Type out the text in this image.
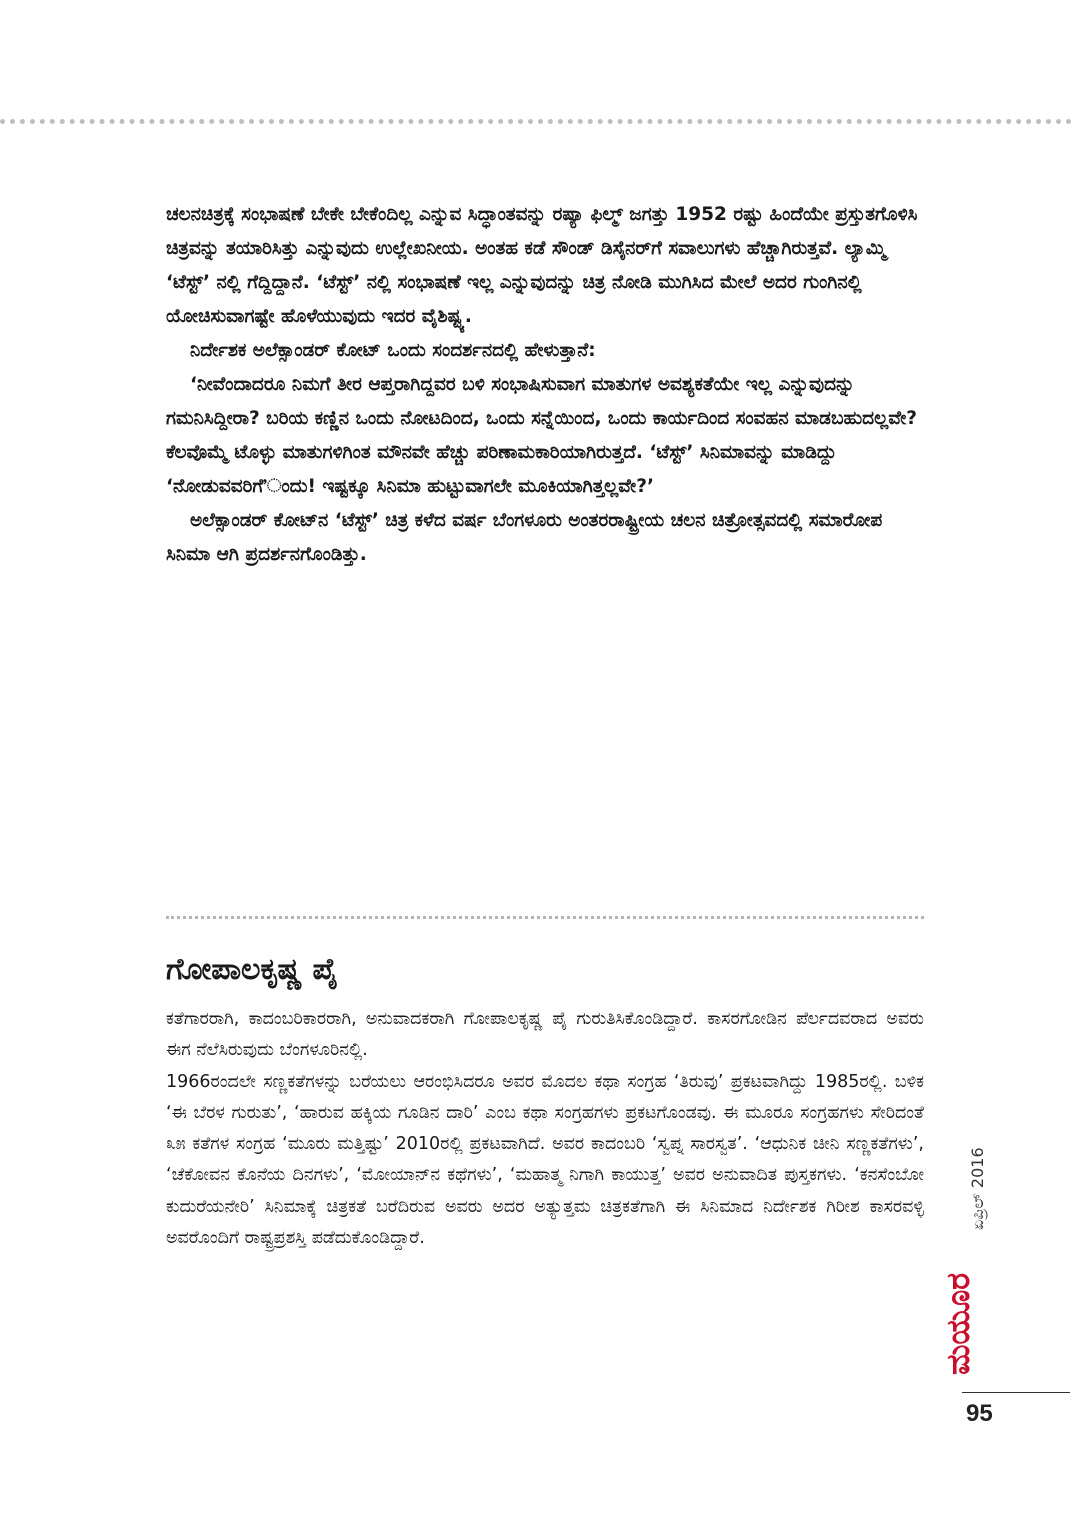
ಚಲನಚಿತ್ರಕ್ಕೆ ಸಂಭಾಷಣೆ ಬೇಕೇ ಬೇಕೆಂದಿಲ್ಲ ಎನ್ನುವ ಸಿದ್ಧಾಂತವನ್ನು ರಷ್ಯಾ ಫಿಲ್ಮ್ ಜಗತ್ತು 1952 ರಷ್ಟು ಹಿಂದೆಯೇ ಪ್ರಸ್ತುತಗೊಳಿಸಿ ಚಿತ್ರವನ್ನು ತಯಾರಿಸಿತ್ತು ಎನ್ನುವುದು ಉಲ್ಲೇಖನೀಯ. ಅಂತಹ ಕಡೆ ಸೌಂಡ್ ಡಿಸೈನರ್‌ಗೆ ಸವಾಲುಗಳು ಹೆಚ್ಚಾಗಿರುತ್ತವೆ. ಲ್ಯಾಮ್ಮಿ ‘ಟೆಸ್ಟ್’ ನಲ್ಲಿ ಗೆದ್ದಿದ್ದಾನೆ. ‘ಟೆಸ್ಟ್’ ನಲ್ಲಿ ಸಂಭಾಷಣೆ ಇಲ್ಲ ಎನ್ನುವುದನ್ನು ಚಿತ್ರ ನೋಡಿ ಮುಗಿಸಿದ ಮೇಲೆ ಅದರ ಗುಂಗಿನಲ್ಲಿ ಯೋಚಿಸುವಾಗಷ್ಟೇ ಹೊಳೆಯುವುದು ಇದರ ವೈಶಿಷ್ಟ್ಯ.

ನಿರ್ದೇಶಕ ಅಲೆಕ್ಸಾಂಡರ್ ಕೋಟ್ ಒಂದು ಸಂದರ್ಶನದಲ್ಲಿ ಹೇಳುತ್ತಾನೆ:

‘ನೀವೆಂದಾದರೂ ನಿಮಗೆ ತೀರ ಆಪ್ತರಾಗಿದ್ದವರ ಬಳಿ ಸಂಭಾಷಿಸುವಾಗ ಮಾತುಗಳ ಅವಶ್ಯಕತೆಯೇ ಇಲ್ಲ ಎನ್ನುವುದನ್ನು ಗಮನಿಸಿದ್ದೀರಾ? ಬರಿಯ ಕಣ್ಣಿನ ಒಂದು ನೋಟದಿಂದ, ಒಂದು ಸನ್ನೆಯಿಂದ, ಒಂದು ಕಾರ್ಯದಿಂದ ಸಂವಹನ ಮಾಡಬಹುದಲ್ಲವೇ? ಕೆಲವೊಮ್ಮೆ ಟೊಳ್ಳು ಮಾತುಗಳಿಗಿಂತ ಮೌನವೇ ಹೆಚ್ಚು ಪರಿಣಾಮಕಾರಿಯಾಗಿರುತ್ತದೆ. ‘ಟೆಸ್ಟ್’ ಸಿನಿಮಾವನ್ನು ಮಾಡಿದ್ದು ‘ನೋಡುವವರಿಗೆ’ಂದು! ಇಷ್ಟಕ್ಕೂ ಸಿನಿಮಾ ಹುಟ್ಟುವಾಗಲೇ ಮೂಕಿಯಾಗಿತ್ತಲ್ಲವೇ?’

ಅಲೆಕ್ಸಾಂಡರ್ ಕೋಟ್‌ನ ‘ಟೆಸ್ಟ್’ ಚಿತ್ರ ಕಳೆದ ವರ್ಷ ಬೆಂಗಳೂರು ಅಂತರರಾಷ್ಟ್ರೀಯ ಚಲನ ಚಿತ್ರೋತ್ಸವದಲ್ಲಿ ಸಮಾರೋಪ ಸಿನಿಮಾ ಆಗಿ ಪ್ರದರ್ಶನಗೊಂಡಿತ್ತು.

ಗೋಪಾಲಕೃಷ್ಣ ಪೈ

ಕತೆಗಾರರಾಗಿ, ಕಾದಂಬರಿಕಾರರಾಗಿ, ಅನುವಾದಕರಾಗಿ ಗೋಪಾಲಕೃಷ್ಣ ಪೈ ಗುರುತಿಸಿಕೊಂಡಿದ್ದಾರೆ. ಕಾಸರಗೋಡಿನ ಪೆರ್ಲದವರಾದ ಅವರು ಈಗ ನೆಲೆಸಿರುವುದು ಬೆಂಗಳೂರಿನಲ್ಲಿ.

1966ರಂದಲೇ ಸಣ್ಣಕತೆಗಳನ್ನು ಬರೆಯಲು ಆರಂಭಿಸಿದರೂ ಅವರ ಮೊದಲ ಕಥಾ ಸಂಗ್ರಹ ‘ತಿರುವು’ ಪ್ರಕಟವಾಗಿದ್ದು 1985ರಲ್ಲಿ. ಬಳಿಕ ‘ಈ ಬೆರಳ ಗುರುತು’, ‘ಹಾರುವ ಹಕ್ಕಿಯ ಗೂಡಿನ ದಾರಿ’ ಎಂಬ ಕಥಾ ಸಂಗ್ರಹಗಳು ಪ್ರಕಟಗೊಂಡವು. ಈ ಮೂರೂ ಸಂಗ್ರಹಗಳು ಸೇರಿದಂತೆ ೩೫ ಕತೆಗಳ ಸಂಗ್ರಹ ‘ಮೂರು ಮತ್ತಿಷ್ಟು’ 2010ರಲ್ಲಿ ಪ್ರಕಟವಾಗಿದೆ. ಅವರ ಕಾದಂಬರಿ ‘ಸ್ವಪ್ನ ಸಾರಸ್ವತ’. ‘ಆಧುನಿಕ ಚೀನಿ ಸಣ್ಣಕತೆಗಳು’, ‘ಚೆಕೋವನ ಕೊನೆಯ ದಿನಗಳು’, ‘ಮೋಯಾನ್‌ನ ಕಥೆಗಳು’, ‘ಮಹಾತ್ಮ ನಿಗಾಗಿ ಕಾಯುತ್ತ’ ಅವರ ಅನುವಾದಿತ ಪುಸ್ತಕಗಳು. ‘ಕನಸೆಂಬೋ ಕುದುರೆಯನೇರಿ’ ಸಿನಿಮಾಕ್ಕೆ ಚಿತ್ರಕತೆ ಬರೆದಿರುವ ಅವರು ಅದರ ಅತ್ಯುತ್ತಮ ಚಿತ್ರಕತೆಗಾಗಿ ಈ ಸಿನಿಮಾದ ನಿರ್ದೇಶಕ ಗಿರೀಶ ಕಾಸರವಳ್ಳಿ ಅವರೊಂದಿಗೆ ರಾಷ್ಟ್ರಪ್ರಶಸ್ತಿ ಪಡೆದುಕೊಂಡಿದ್ದಾರೆ.

ಮಯೂರ
ಏಪ್ರಿಲ್ 2016
95
